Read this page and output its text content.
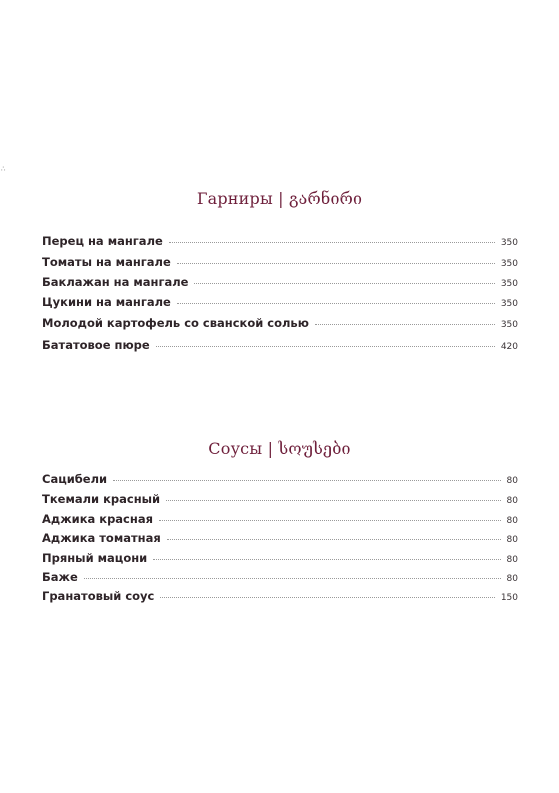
∴
Гарниры | გარნირი
Перец на мангале	350
Томаты на мангале	350
Баклажан на мангале	350
Цукини на мангале	350
Молодой картофель со сванской солью	350
Бататовое пюре	420
Соусы | სოუსები
Сацибели	80
Ткемали красный	80
Аджика красная	80
Аджика томатная	80
Пряный мацони	80
Баже	80
Гранатовый соус	150
